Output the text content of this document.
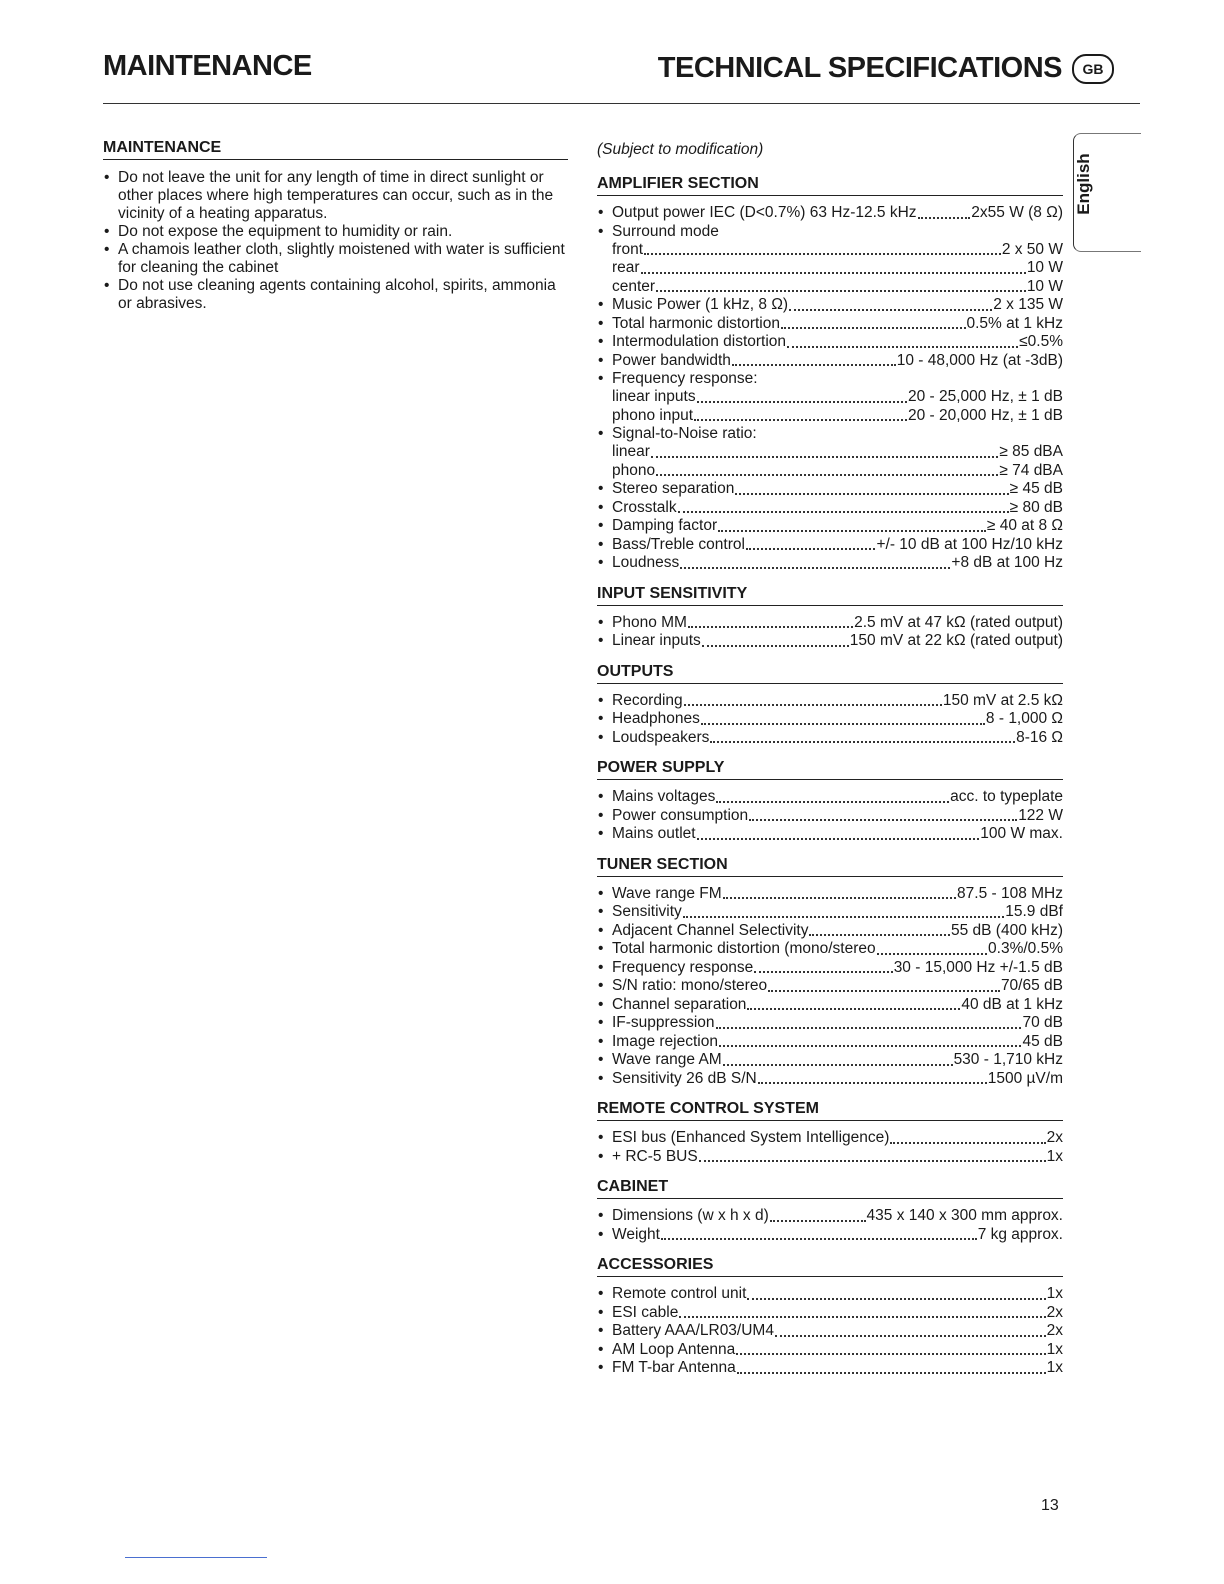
MAINTENANCE	TECHNICAL SPECIFICATIONS	GB
English
MAINTENANCE
• Do not leave the unit for any length of time in direct sunlight or other places where high temperatures can occur, such as in the vicinity of a heating apparatus.
• Do not expose the equipment to humidity or rain.
• A chamois leather cloth, slightly moistened with water is sufficient for cleaning the cabinet
• Do not use cleaning agents containing alcohol, spirits, ammonia or abrasives.
(Subject to modification)
AMPLIFIER SECTION
• Output power IEC (D<0.7%) 63 Hz-12.5 kHz	2x55 W (8 Ω)
• Surround mode
front	2 x 50 W
rear	10 W
center	10 W
• Music Power (1 kHz, 8 Ω)	2 x 135 W
• Total harmonic distortion	0.5% at 1 kHz
• Intermodulation distortion	≤0.5%
• Power bandwidth	10 - 48,000 Hz (at -3dB)
• Frequency response:
linear inputs	20 - 25,000 Hz, ± 1 dB
phono input	20 - 20,000 Hz, ± 1 dB
• Signal-to-Noise ratio:
linear	≥ 85 dBA
phono	≥ 74 dBA
• Stereo separation	≥ 45 dB
• Crosstalk	≥ 80 dB
• Damping factor	≥ 40 at 8 Ω
• Bass/Treble control	+/- 10 dB at 100 Hz/10 kHz
• Loudness	+8 dB at 100 Hz
INPUT SENSITIVITY
• Phono MM	2.5 mV at 47 kΩ (rated output)
• Linear inputs	150 mV at 22 kΩ (rated output)
OUTPUTS
• Recording	150 mV at 2.5 kΩ
• Headphones	8 - 1,000 Ω
• Loudspeakers	8-16 Ω
POWER SUPPLY
• Mains voltages	acc. to typeplate
• Power consumption	122 W
• Mains outlet	100 W max.
TUNER SECTION
• Wave range FM	87.5 - 108 MHz
• Sensitivity	15.9 dBf
• Adjacent Channel Selectivity	55 dB (400 kHz)
• Total harmonic distortion (mono/stereo	0.3%/0.5%
• Frequency response	30 - 15,000 Hz +/-1.5 dB
• S/N ratio: mono/stereo	70/65 dB
• Channel separation	40 dB at 1 kHz
• IF-suppression	70 dB
• Image rejection	45 dB
• Wave range AM	530 - 1,710 kHz
• Sensitivity 26 dB S/N	1500 µV/m
REMOTE CONTROL SYSTEM
• ESI bus (Enhanced System Intelligence)	2x
• + RC-5 BUS	1x
CABINET
• Dimensions (w x h x d)	435 x 140 x 300 mm approx.
• Weight	7 kg approx.
ACCESSORIES
• Remote control unit	1x
• ESI cable	2x
• Battery AAA/LR03/UM4	2x
• AM Loop Antenna	1x
• FM T-bar Antenna	1x
13
